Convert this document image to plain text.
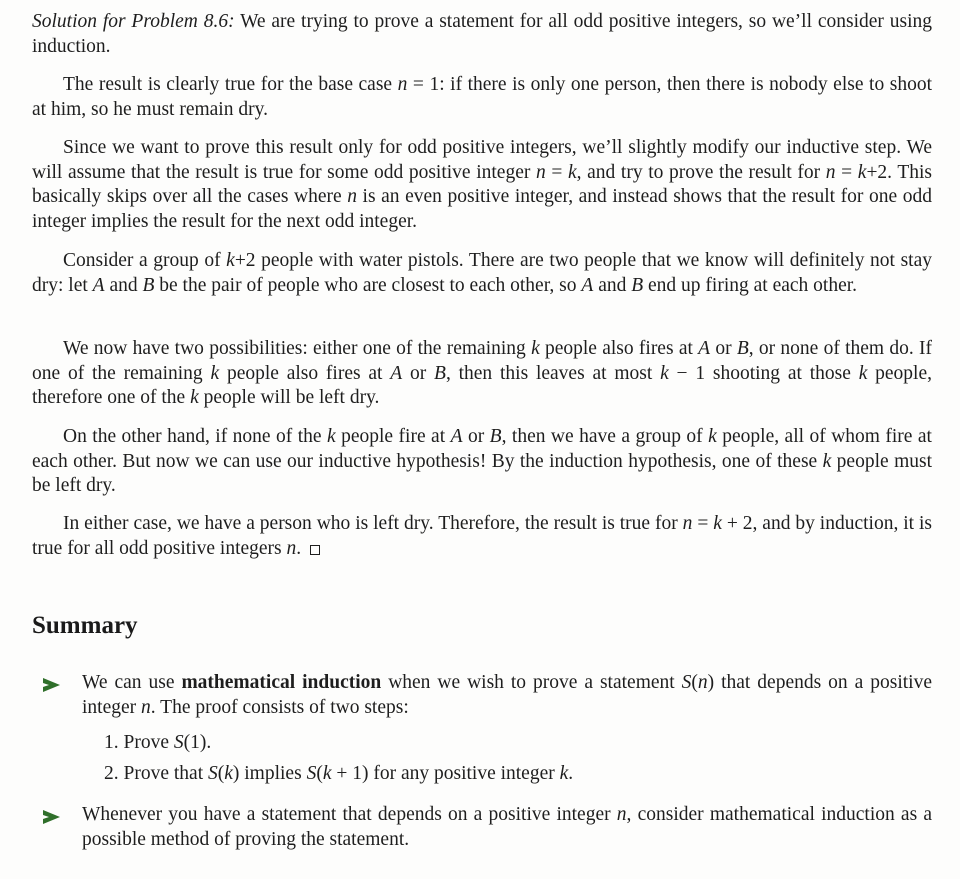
Solution for Problem 8.6: We are trying to prove a statement for all odd positive integers, so we’ll consider using induction.

The result is clearly true for the base case n = 1: if there is only one person, then there is nobody else to shoot at him, so he must remain dry.

Since we want to prove this result only for odd positive integers, we’ll slightly modify our inductive step. We will assume that the result is true for some odd positive integer n = k, and try to prove the result for n = k+2. This basically skips over all the cases where n is an even positive integer, and instead shows that the result for one odd integer implies the result for the next odd integer.

Consider a group of k+2 people with water pistols. There are two people that we know will definitely not stay dry: let A and B be the pair of people who are closest to each other, so A and B end up firing at each other.

We now have two possibilities: either one of the remaining k people also fires at A or B, or none of them do. If one of the remaining k people also fires at A or B, then this leaves at most k − 1 shooting at those k people, therefore one of the k people will be left dry.

On the other hand, if none of the k people fire at A or B, then we have a group of k people, all of whom fire at each other. But now we can use our inductive hypothesis! By the induction hypothesis, one of these k people must be left dry.

In either case, we have a person who is left dry. Therefore, the result is true for n = k + 2, and by induction, it is true for all odd positive integers n.

Summary
We can use mathematical induction when we wish to prove a statement S(n) that depends on a positive integer n. The proof consists of two steps:
1. Prove S(1).
2. Prove that S(k) implies S(k + 1) for any positive integer k.
Whenever you have a statement that depends on a positive integer n, consider mathematical induction as a possible method of proving the statement.
